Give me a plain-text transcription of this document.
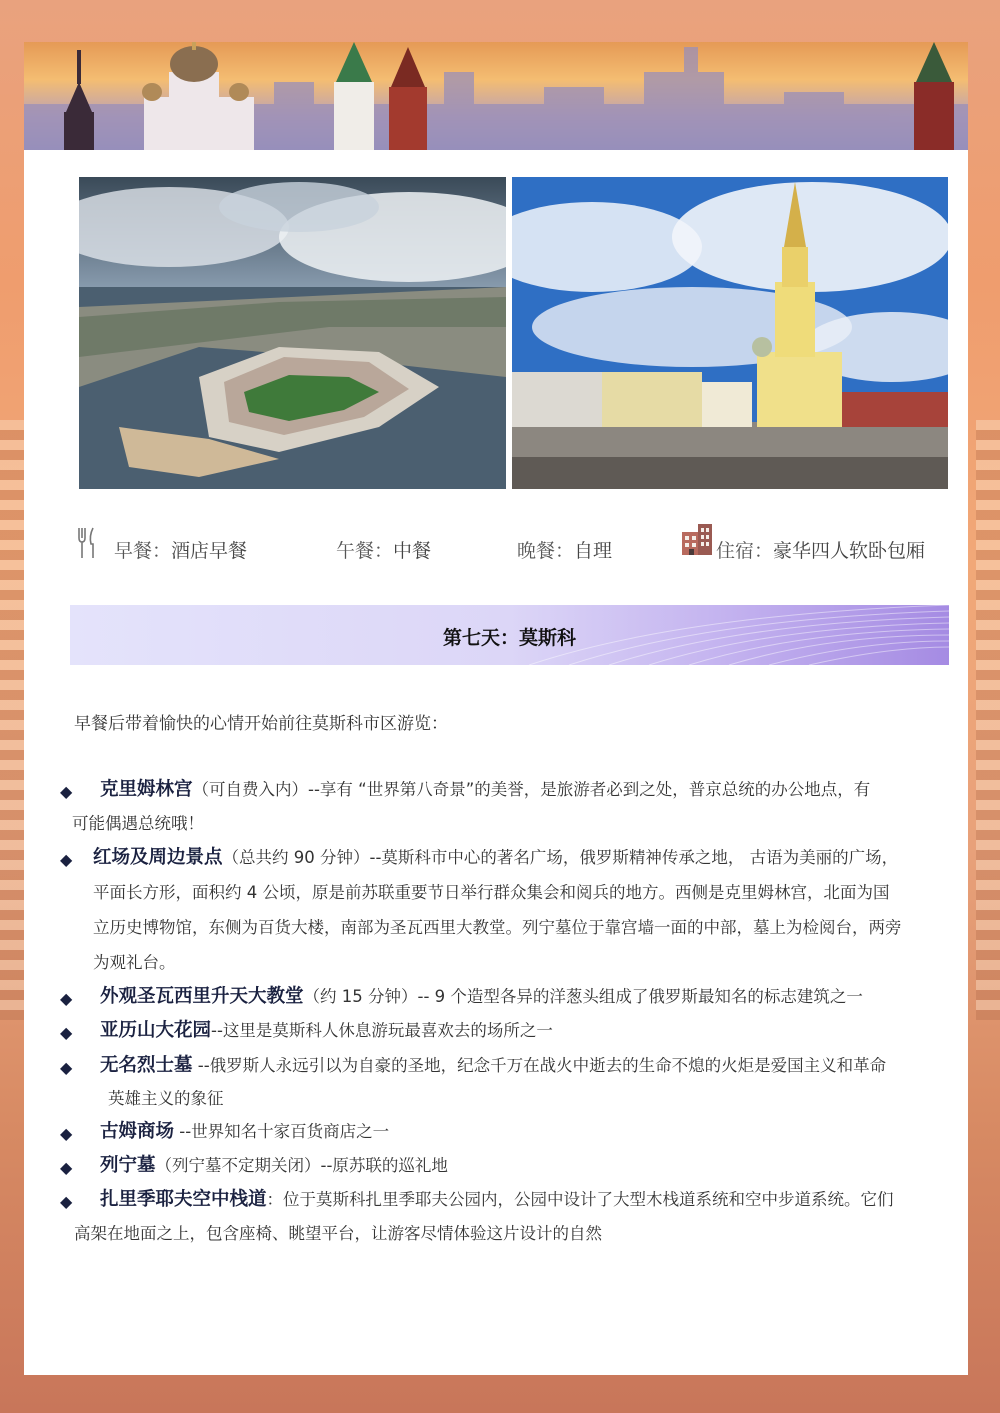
早餐：酒店早餐	午餐：中餐	晚餐：自理	住宿：豪华四人软卧包厢
第七天：莫斯科
早餐后带着愉快的心情开始前往莫斯科市区游览：
◆ 克里姆林宫（可自费入内）--享有 “世界第八奇景”的美誉，是旅游者必到之处，普京总统的办公地点，有
可能偶遇总统哦！
◆ 红场及周边景点（总共约 90 分钟）--莫斯科市中心的著名广场，俄罗斯精神传承之地， 古语为美丽的广场，
平面长方形，面积约 4 公顷，原是前苏联重要节日举行群众集会和阅兵的地方。西侧是克里姆林宫，北面为国
立历史博物馆，东侧为百货大楼，南部为圣瓦西里大教堂。列宁墓位于靠宫墙一面的中部，墓上为检阅台，两旁
为观礼台。
◆ 外观圣瓦西里升天大教堂（约 15 分钟）-- 9 个造型各异的洋葱头组成了俄罗斯最知名的标志建筑之一
◆ 亚历山大花园--这里是莫斯科人休息游玩最喜欢去的场所之一
◆ 无名烈士墓 --俄罗斯人永远引以为自豪的圣地，纪念千万在战火中逝去的生命不熄的火炬是爱国主义和革命
英雄主义的象征
◆ 古姆商场 --世界知名十家百货商店之一
◆ 列宁墓（列宁墓不定期关闭）--原苏联的巡礼地
◆ 扎里季耶夫空中栈道：位于莫斯科扎里季耶夫公园内，公园中设计了大型木栈道系统和空中步道系统。它们
高架在地面之上，包含座椅、眺望平台，让游客尽情体验这片设计的自然
